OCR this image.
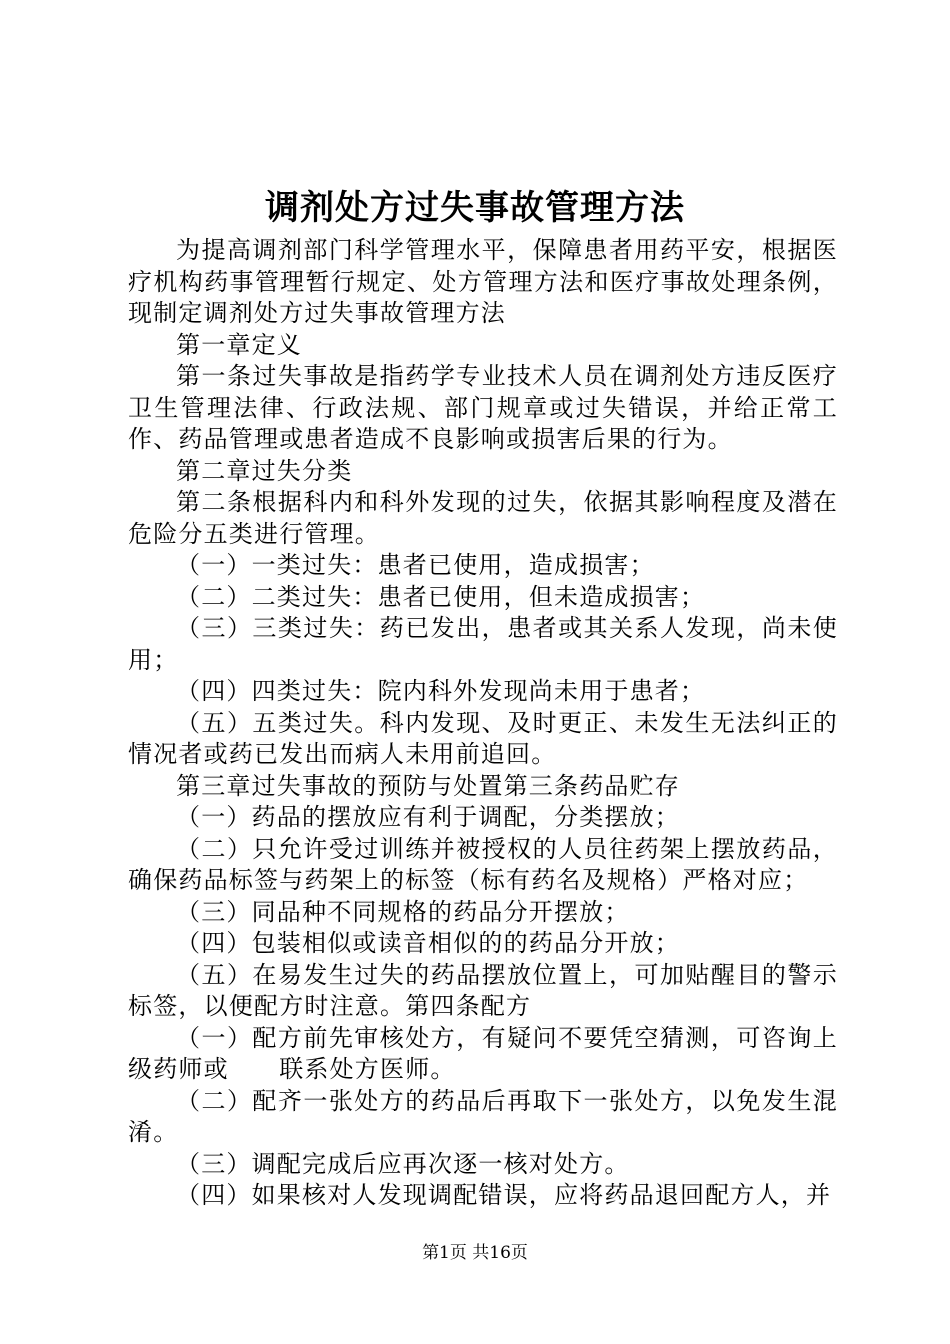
调剂处方过失事故管理方法

为提高调剂部门科学管理水平，保障患者用药平安，根据医疗机构药事管理暂行规定、处方管理方法和医疗事故处理条例，现制定调剂处方过失事故管理方法

第一章定义

第一条过失事故是指药学专业技术人员在调剂处方违反医疗卫生管理法律、行政法规、部门规章或过失错误，并给正常工作、药品管理或患者造成不良影响或损害后果的行为。

第二章过失分类

第二条根据科内和科外发现的过失，依据其影响程度及潜在危险分五类进行管理。

（一）一类过失：患者已使用，造成损害；

（二）二类过失：患者已使用，但未造成损害；

（三）三类过失：药已发出，患者或其关系人发现，尚未使用；

（四）四类过失：院内科外发现尚未用于患者；

（五）五类过失。科内发现、及时更正、未发生无法纠正的情况者或药已发出而病人未用前追回。

第三章过失事故的预防与处置第三条药品贮存

（一）药品的摆放应有利于调配，分类摆放；

（二）只允许受过训练并被授权的人员往药架上摆放药品，确保药品标签与药架上的标签（标有药名及规格）严格对应；

（三）同品种不同规格的药品分开摆放；

（四）包装相似或读音相似的的药品分开放；

（五）在易发生过失的药品摆放位置上，可加贴醒目的警示标签，以便配方时注意。第四条配方

（一）配方前先审核处方，有疑问不要凭空猜测，可咨询上级药师或　　联系处方医师。

（二）配齐一张处方的药品后再取下一张处方，以免发生混淆。

（三）调配完成后应再次逐一核对处方。

（四）如果核对人发现调配错误，应将药品退回配方人，并

第1页 共16页
